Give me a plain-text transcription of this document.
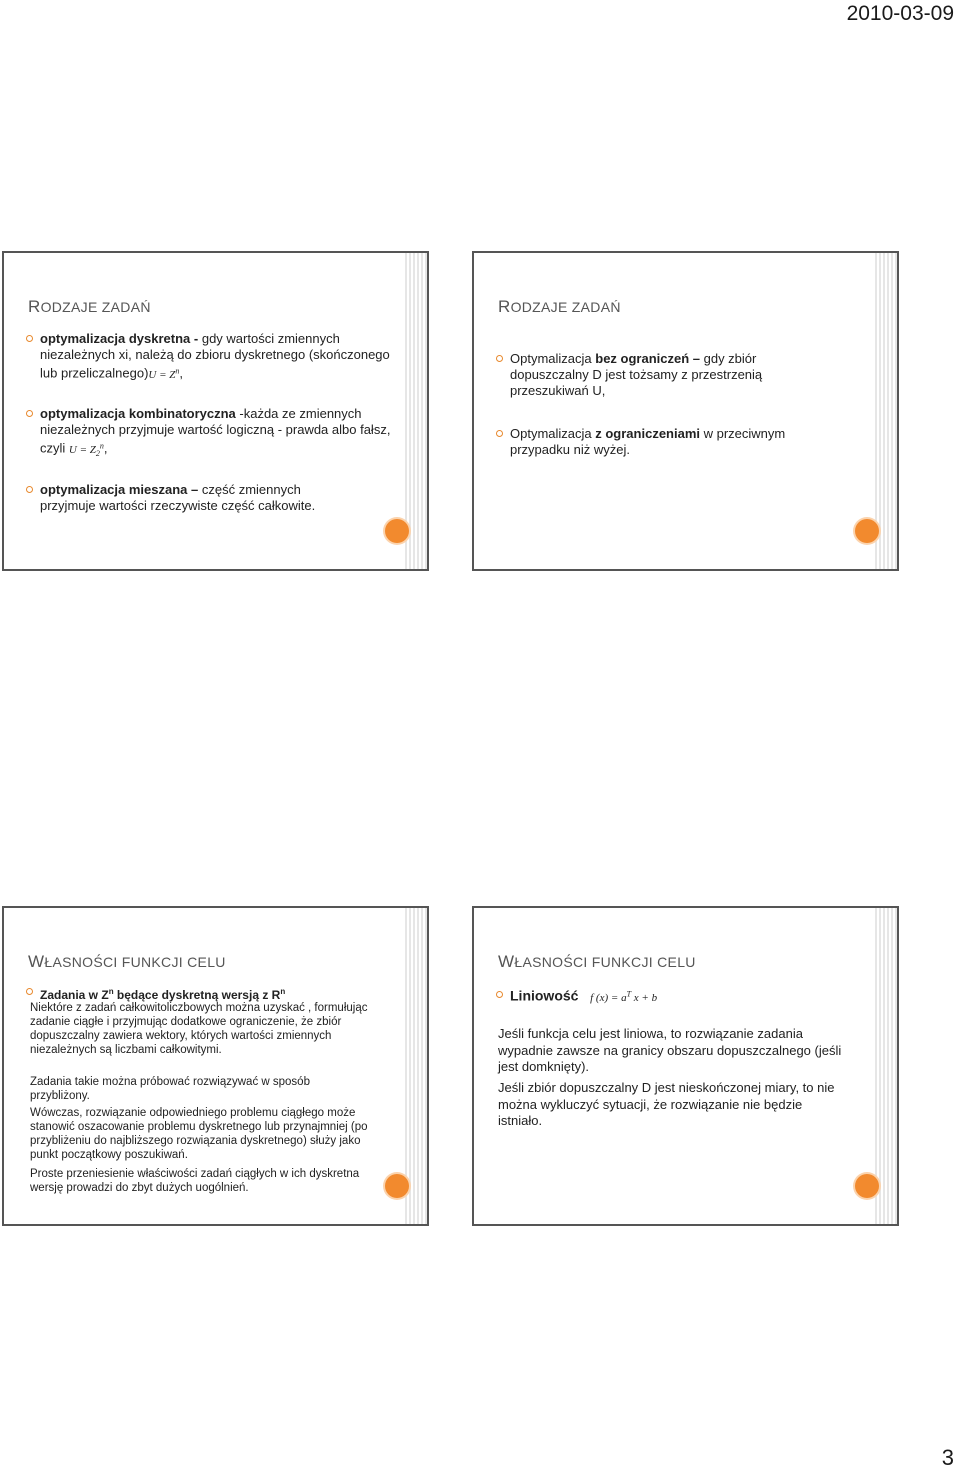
2010-03-09
RODZAJE ZADAŃ
optymalizacja dyskretna - gdy wartości zmiennych niezależnych xi, należą do zbioru dyskretnego (skończonego lub przeliczalnego)U = $Z^n$,
optymalizacja kombinatoryczna -każda ze zmiennych niezależnych przyjmuje wartość logiczną - prawda albo fałsz, czyli $U = Z_2^n$,
optymalizacja mieszana – część zmiennych przyjmuje wartości rzeczywiste część całkowite.
RODZAJE ZADAŃ
Optymalizacja bez ograniczeń – gdy zbiór dopuszczalny D jest tożsamy z przestrzenią przeszukiwań U,
Optymalizacja z ograniczeniami w przeciwnym przypadku niż wyżej.
WŁASNOŚCI FUNKCJI CELU
Zadania w $Z^n$ będące dyskretną wersją z $R^n$

Niektóre z zadań całkowitoliczbowych można uzyskać , formułując zadanie ciągłe i przyjmując dodatkowe ograniczenie, że zbiór dopuszczalny zawiera wektory, których wartości zmiennych niezależnych są liczbami całkowitymi.

Zadania takie można próbować rozwiązywać w sposób przybliżony.

Wówczas, rozwiązanie odpowiedniego problemu ciągłego może stanowić oszacowanie problemu dyskretnego lub przynajmniej (po przybliżeniu do najbliższego rozwiązania dyskretnego) służy jako punkt początkowy poszukiwań.

Proste przeniesienie właściwości zadań ciągłych w ich dyskretna wersję prowadzi do zbyt dużych uogólnień.

WŁASNOŚCI FUNKCJI CELU
Liniowość f $(x) = a^T$ x + b

Jeśli funkcja celu jest liniowa, to rozwiązanie zadania wypadnie zawsze na granicy obszaru dopuszczalnego (jeśli jest domknięty).

Jeśli zbiór dopuszczalny D jest nieskończonej miary, to nie można wykluczyć sytuacji, że rozwiązanie nie będzie istniało.

3
